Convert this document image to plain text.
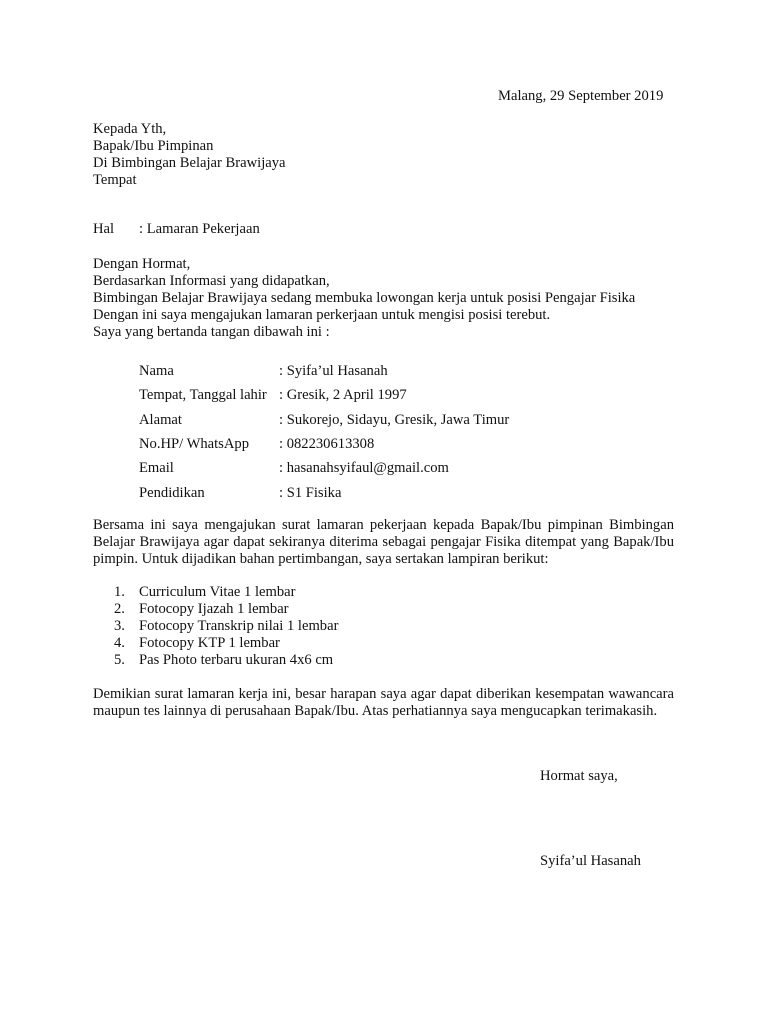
Malang, 29 September 2019
Kepada Yth,
Bapak/Ibu Pimpinan
Di Bimbingan Belajar Brawijaya
Tempat
Hal : Lamaran Pekerjaan
Dengan Hormat,
Berdasarkan Informasi yang didapatkan,
Bimbingan Belajar Brawijaya sedang membuka lowongan kerja untuk posisi Pengajar Fisika
Dengan ini saya mengajukan lamaran perkerjaan untuk mengisi posisi terebut.
Saya yang bertanda tangan dibawah ini :
Nama	: Syifa’ul Hasanah
Tempat, Tanggal lahir : Gresik, 2 April 1997
Alamat	: Sukorejo, Sidayu, Gresik, Jawa Timur
No.HP/ WhatsApp : 082230613308
Email	: hasanahsyifaul@gmail.com
Pendidikan	: S1 Fisika
Bersama ini saya mengajukan surat lamaran pekerjaan kepada Bapak/Ibu pimpinan Bimbingan Belajar Brawijaya agar dapat sekiranya diterima sebagai pengajar Fisika ditempat yang Bapak/Ibu pimpin. Untuk dijadikan bahan pertimbangan, saya sertakan lampiran berikut:
1. Curriculum Vitae 1 lembar
2. Fotocopy Ijazah 1 lembar
3. Fotocopy Transkrip nilai 1 lembar
4. Fotocopy KTP 1 lembar
5. Pas Photo terbaru ukuran 4x6 cm
Demikian surat lamaran kerja ini, besar harapan saya agar dapat diberikan kesempatan wawancara maupun tes lainnya di perusahaan Bapak/Ibu. Atas perhatiannya saya mengucapkan terimakasih.
Hormat saya,
Syifa’ul Hasanah
